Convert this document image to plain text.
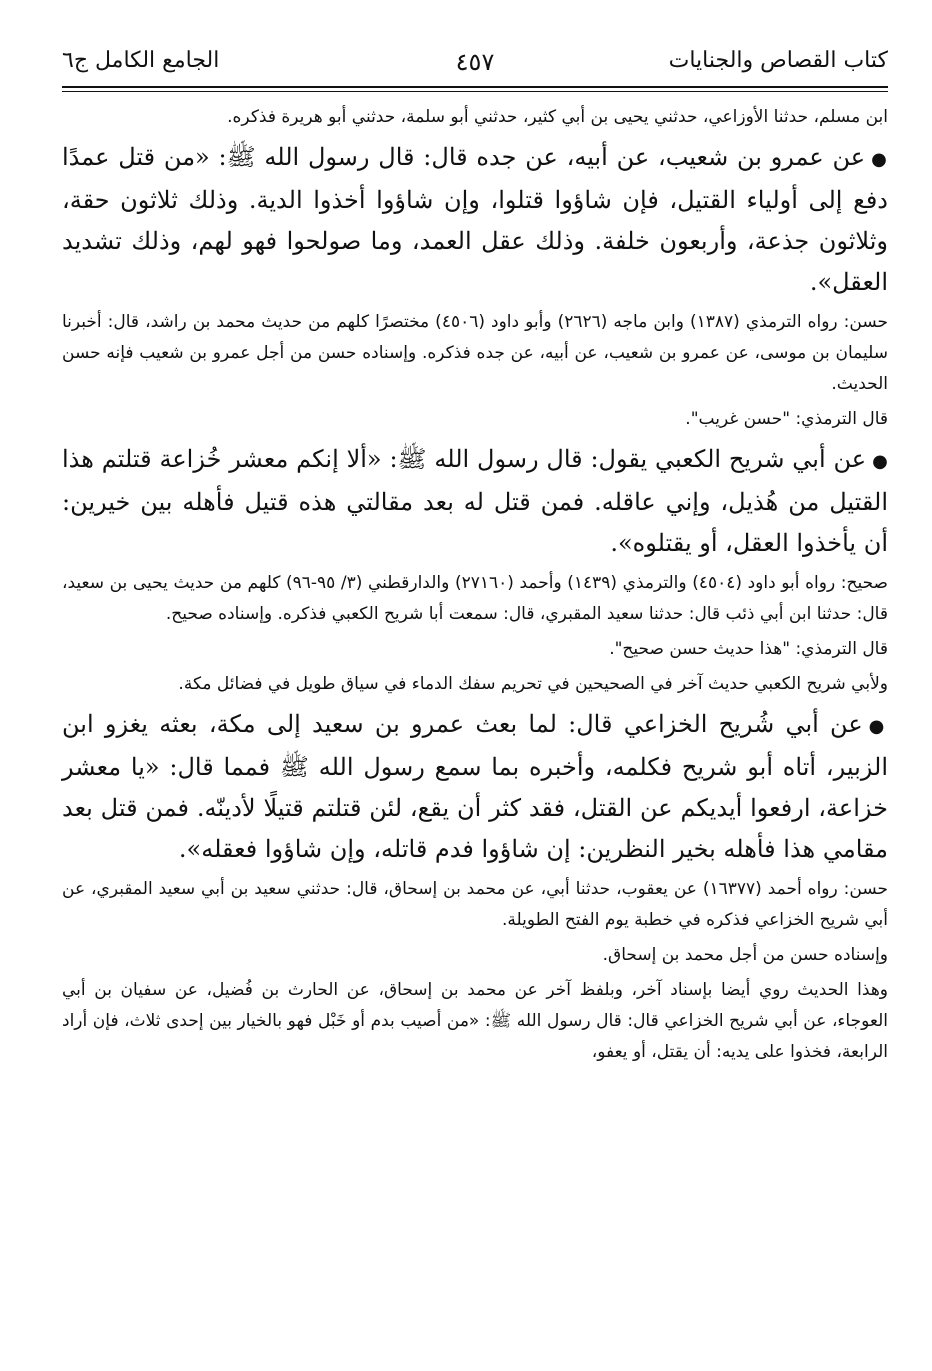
كتاب القصاص والجنايات
٤٥٧
الجامع الكامل ج٦

ابن مسلم، حدثنا الأوزاعي، حدثني يحيى بن أبي كثير، حدثني أبو سلمة، حدثني أبو هريرة فذكره.

●عن عمرو بن شعيب، عن أبيه، عن جده قال: قال رسول الله ﷺ: «من قتل عمدًا دفع إلى أولياء القتيل، فإن شاؤوا قتلوا، وإن شاؤوا أخذوا الدية. وذلك ثلاثون حقة، وثلاثون جذعة، وأربعون خلفة. وذلك عقل العمد، وما صولحوا فهو لهم، وذلك تشديد العقل».

حسن: رواه الترمذي (١٣٨٧) وابن ماجه (٢٦٢٦) وأبو داود (٤٥٠٦) مختصرًا كلهم من حديث محمد بن راشد، قال: أخبرنا سليمان بن موسى، عن عمرو بن شعيب، عن أبيه، عن جده فذكره. وإسناده حسن من أجل عمرو بن شعيب فإنه حسن الحديث.

قال الترمذي: "حسن غريب".

●عن أبي شريح الكعبي يقول: قال رسول الله ﷺ: «ألا إنكم معشر خُزاعة قتلتم هذا القتيل من هُذيل، وإني عاقله. فمن قتل له بعد مقالتي هذه قتيل فأهله بين خيرين: أن يأخذوا العقل، أو يقتلوه».

صحيح: رواه أبو داود (٤٥٠٤) والترمذي (١٤٣٩) وأحمد (٢٧١٦٠) والدارقطني (٣/ ٩٥-٩٦) كلهم من حديث يحيى بن سعيد، قال: حدثنا ابن أبي ذئب قال: حدثنا سعيد المقبري، قال: سمعت أبا شريح الكعبي فذكره. وإسناده صحيح.

قال الترمذي: "هذا حديث حسن صحيح".

ولأبي شريح الكعبي حديث آخر في الصحيحين في تحريم سفك الدماء في سياق طويل في فضائل مكة.

●عن أبي شُريح الخزاعي قال: لما بعث عمرو بن سعيد إلى مكة، بعثه يغزو ابن الزبير، أتاه أبو شريح فكلمه، وأخبره بما سمع رسول الله ﷺ فمما قال: «يا معشر خزاعة، ارفعوا أيديكم عن القتل، فقد كثر أن يقع، لئن قتلتم قتيلًا لأدينّه. فمن قتل بعد مقامي هذا فأهله بخير النظرين: إن شاؤوا فدم قاتله، وإن شاؤوا فعقله».

حسن: رواه أحمد (١٦٣٧٧) عن يعقوب، حدثنا أبي، عن محمد بن إسحاق، قال: حدثني سعيد بن أبي سعيد المقبري، عن أبي شريح الخزاعي فذكره في خطبة يوم الفتح الطويلة.

وإسناده حسن من أجل محمد بن إسحاق.

وهذا الحديث روي أيضا بإسناد آخر، وبلفظ آخر عن محمد بن إسحاق، عن الحارث بن فُضيل، عن سفيان بن أبي العوجاء، عن أبي شريح الخزاعي قال: قال رسول الله ﷺ: «من أصيب بدم أو خَبْل فهو بالخيار بين إحدى ثلاث، فإن أراد الرابعة، فخذوا على يديه: أن يقتل، أو يعفو،
